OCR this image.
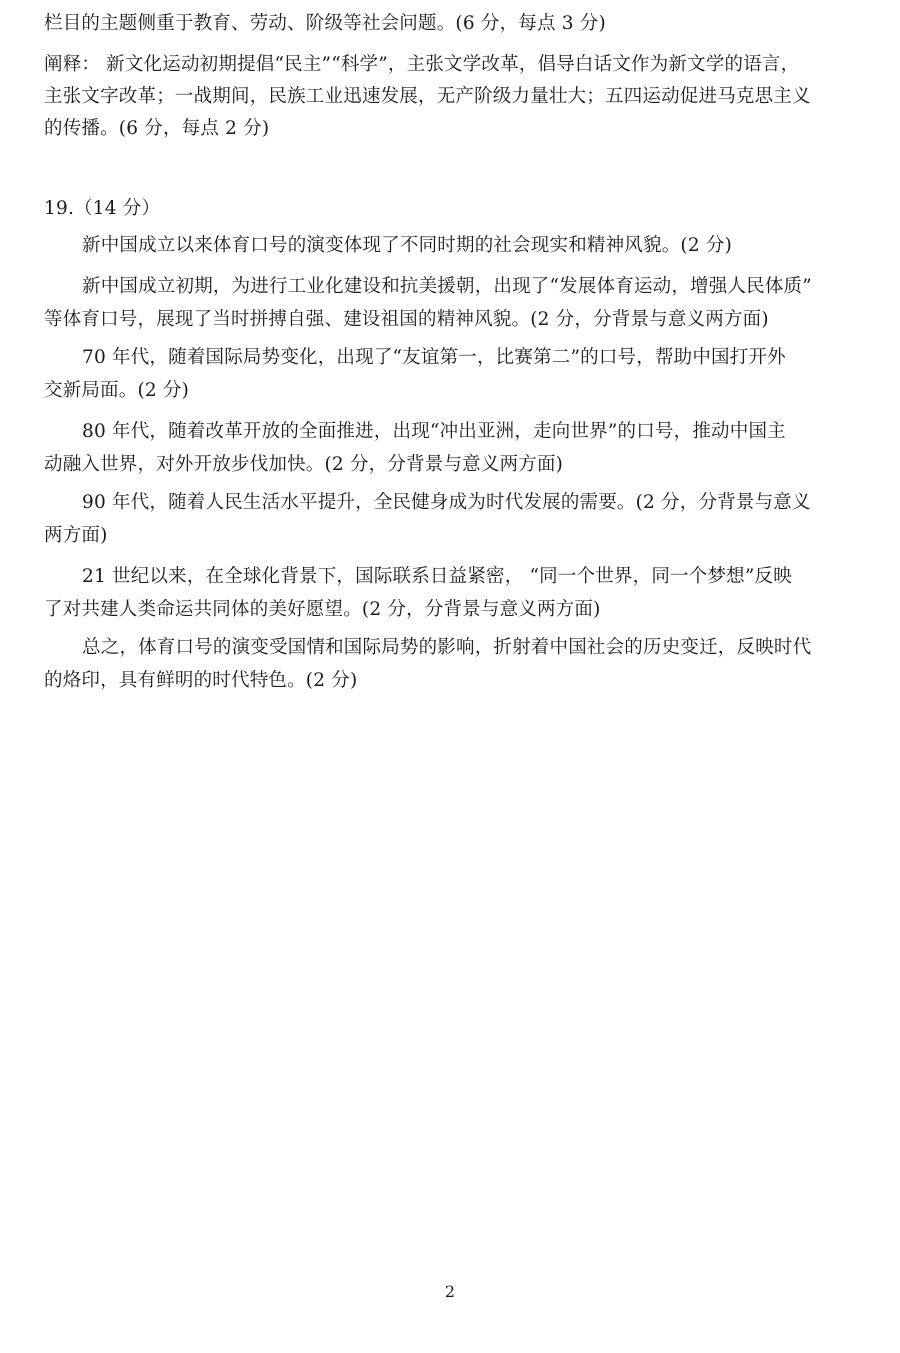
栏目的主题侧重于教育、劳动、阶级等社会问题。(6 分，每点 3 分)
阐释： 新文化运动初期提倡“民主”“科学”，主张文学改革，倡导白话文作为新文学的语言，
主张文字改革；一战期间，民族工业迅速发展，无产阶级力量壮大；五四运动促进马克思主义
的传播。(6 分，每点 2 分)
19.（14 分）
新中国成立以来体育口号的演变体现了不同时期的社会现实和精神风貌。(2 分)
新中国成立初期，为进行工业化建设和抗美援朝，出现了“发展体育运动，增强人民体质”
等体育口号，展现了当时拼搏自强、建设祖国的精神风貌。(2 分，分背景与意义两方面)
70 年代，随着国际局势变化，出现了“友谊第一，比赛第二”的口号，帮助中国打开外
交新局面。(2 分)
80 年代，随着改革开放的全面推进，出现“冲出亚洲，走向世界”的口号，推动中国主
动融入世界，对外开放步伐加快。(2 分，分背景与意义两方面)
90 年代，随着人民生活水平提升，全民健身成为时代发展的需要。(2 分，分背景与意义
两方面)
21 世纪以来，在全球化背景下，国际联系日益紧密， “同一个世界，同一个梦想”反映
了对共建人类命运共同体的美好愿望。(2 分，分背景与意义两方面)
总之，体育口号的演变受国情和国际局势的影响，折射着中国社会的历史变迁，反映时代
的烙印，具有鲜明的时代特色。(2 分)
2
